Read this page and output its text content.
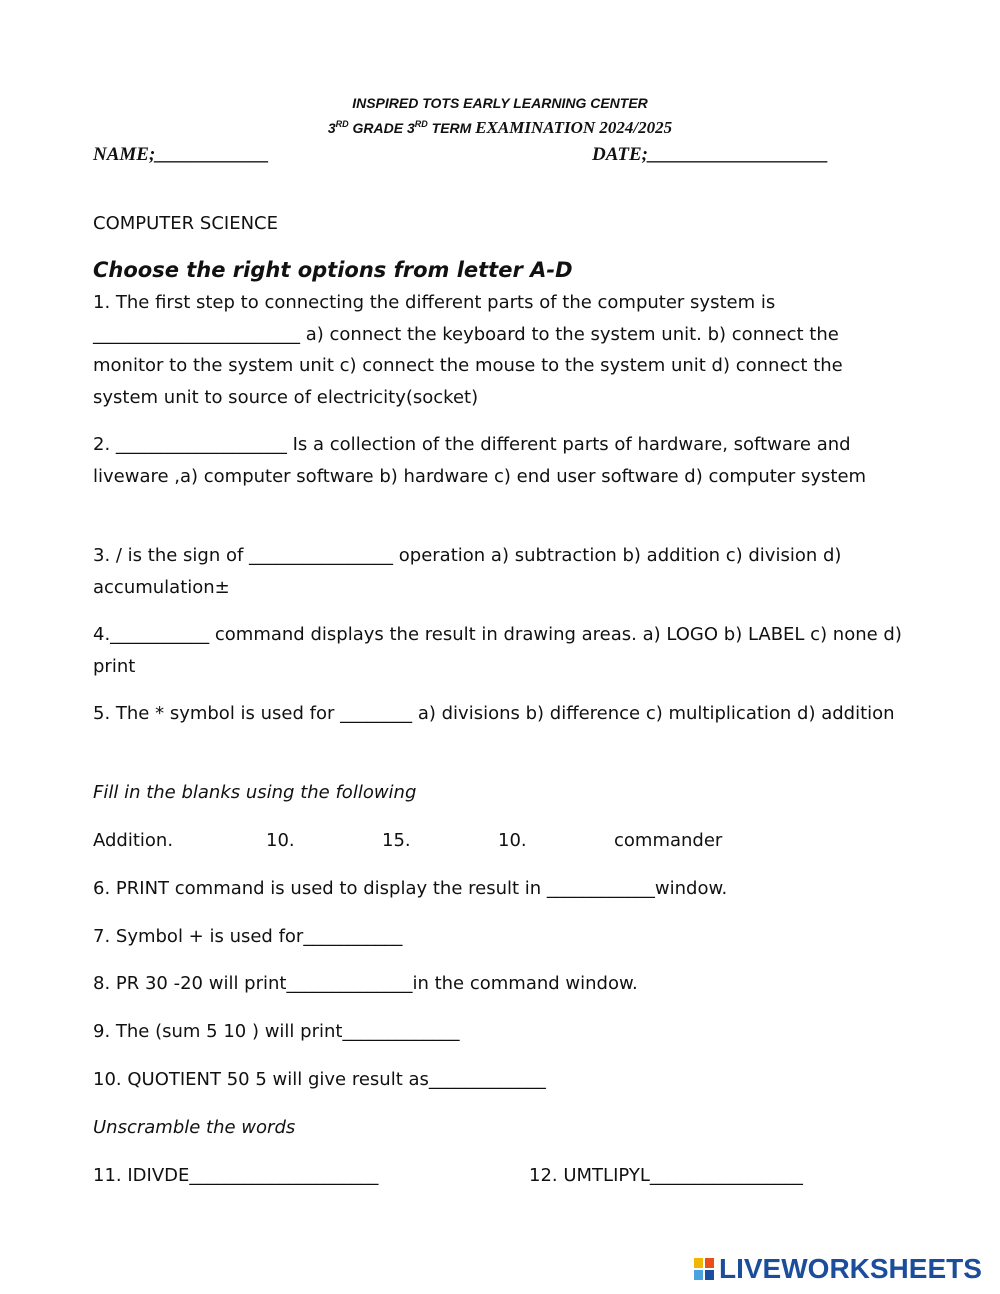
INSPIRED TOTS EARLY LEARNING CENTER
3RD GRADE 3RD TERM EXAMINATION 2024/2025
NAME;____________	DATE;___________________
COMPUTER SCIENCE
Choose the right options from letter A-D
1. The first step to connecting the different parts of the computer system is _______________________ a) connect the keyboard to the system unit. b) connect the monitor to the system unit c) connect the mouse to the system unit d) connect the system unit to source of electricity(socket)
2. ___________________ Is a collection of the different parts of hardware, software and liveware ,a) computer software b) hardware c) end user software d) computer system
3. / is the sign of ________________ operation a) subtraction b) addition c) division d) accumulation±
4.___________ command displays the result in drawing areas. a) LOGO b) LABEL c) none d) print
5. The * symbol is used for ________ a) divisions b) difference c) multiplication d) addition
Fill in the blanks using the following
Addition.	10.	15.	10.	commander
6. PRINT command is used to display the result in ____________window.
7. Symbol + is used for___________
8. PR 30 -20 will print______________in the command window.
9. The (sum 5 10 ) will print_____________
10. QUOTIENT 50 5 will give result as_____________
Unscramble the words
11. IDIVDE_____________________	12. UMTLIPYL_________________
LIVEWORKSHEETS
